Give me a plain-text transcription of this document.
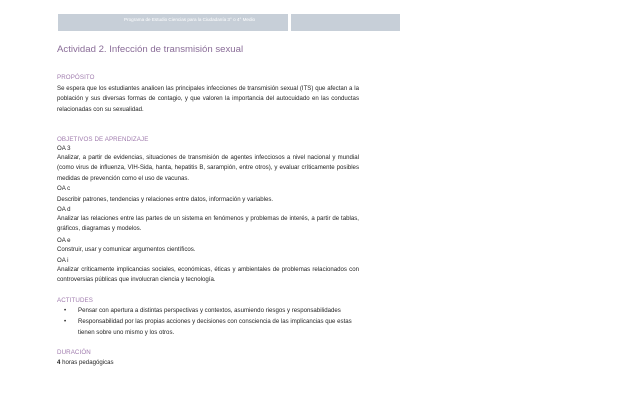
Programa de Estudio Ciencias para la Ciudadanía 3° o 4° Medio	Módulo Bienestar y Salud
Unidad 2
Actividad 2. Infección de transmisión sexual
PROPÓSITO
Se espera que los estudiantes analicen las principales infecciones de transmisión sexual (ITS) que afectan a la población y sus diversas formas de contagio, y que valoren la importancia del autocuidado en las conductas relacionadas con su sexualidad.
OBJETIVOS DE APRENDIZAJE
OA 3
Analizar, a partir de evidencias, situaciones de transmisión de agentes infecciosos a nivel nacional y mundial (como virus de influenza, VIH-Sida, hanta, hepatitis B, sarampión, entre otros), y evaluar críticamente posibles medidas de prevención como el uso de vacunas.
OA c
Describir patrones, tendencias y relaciones entre datos, información y variables.
OA d
Analizar las relaciones entre las partes de un sistema en fenómenos y problemas de interés, a partir de tablas, gráficos, diagramas y modelos.
OA e
Construir, usar y comunicar argumentos científicos.
OA i
Analizar críticamente implicancias sociales, económicas, éticas y ambientales de problemas relacionados con controversias públicas que involucran ciencia y tecnología.
ACTITUDES
• Pensar con apertura a distintas perspectivas y contextos, asumiendo riesgos y responsabilidades
• Responsabilidad por las propias acciones y decisiones con consciencia de las implicancias que estas tienen sobre uno mismo y los otros.
DURACIÓN
4 horas pedagógicas
